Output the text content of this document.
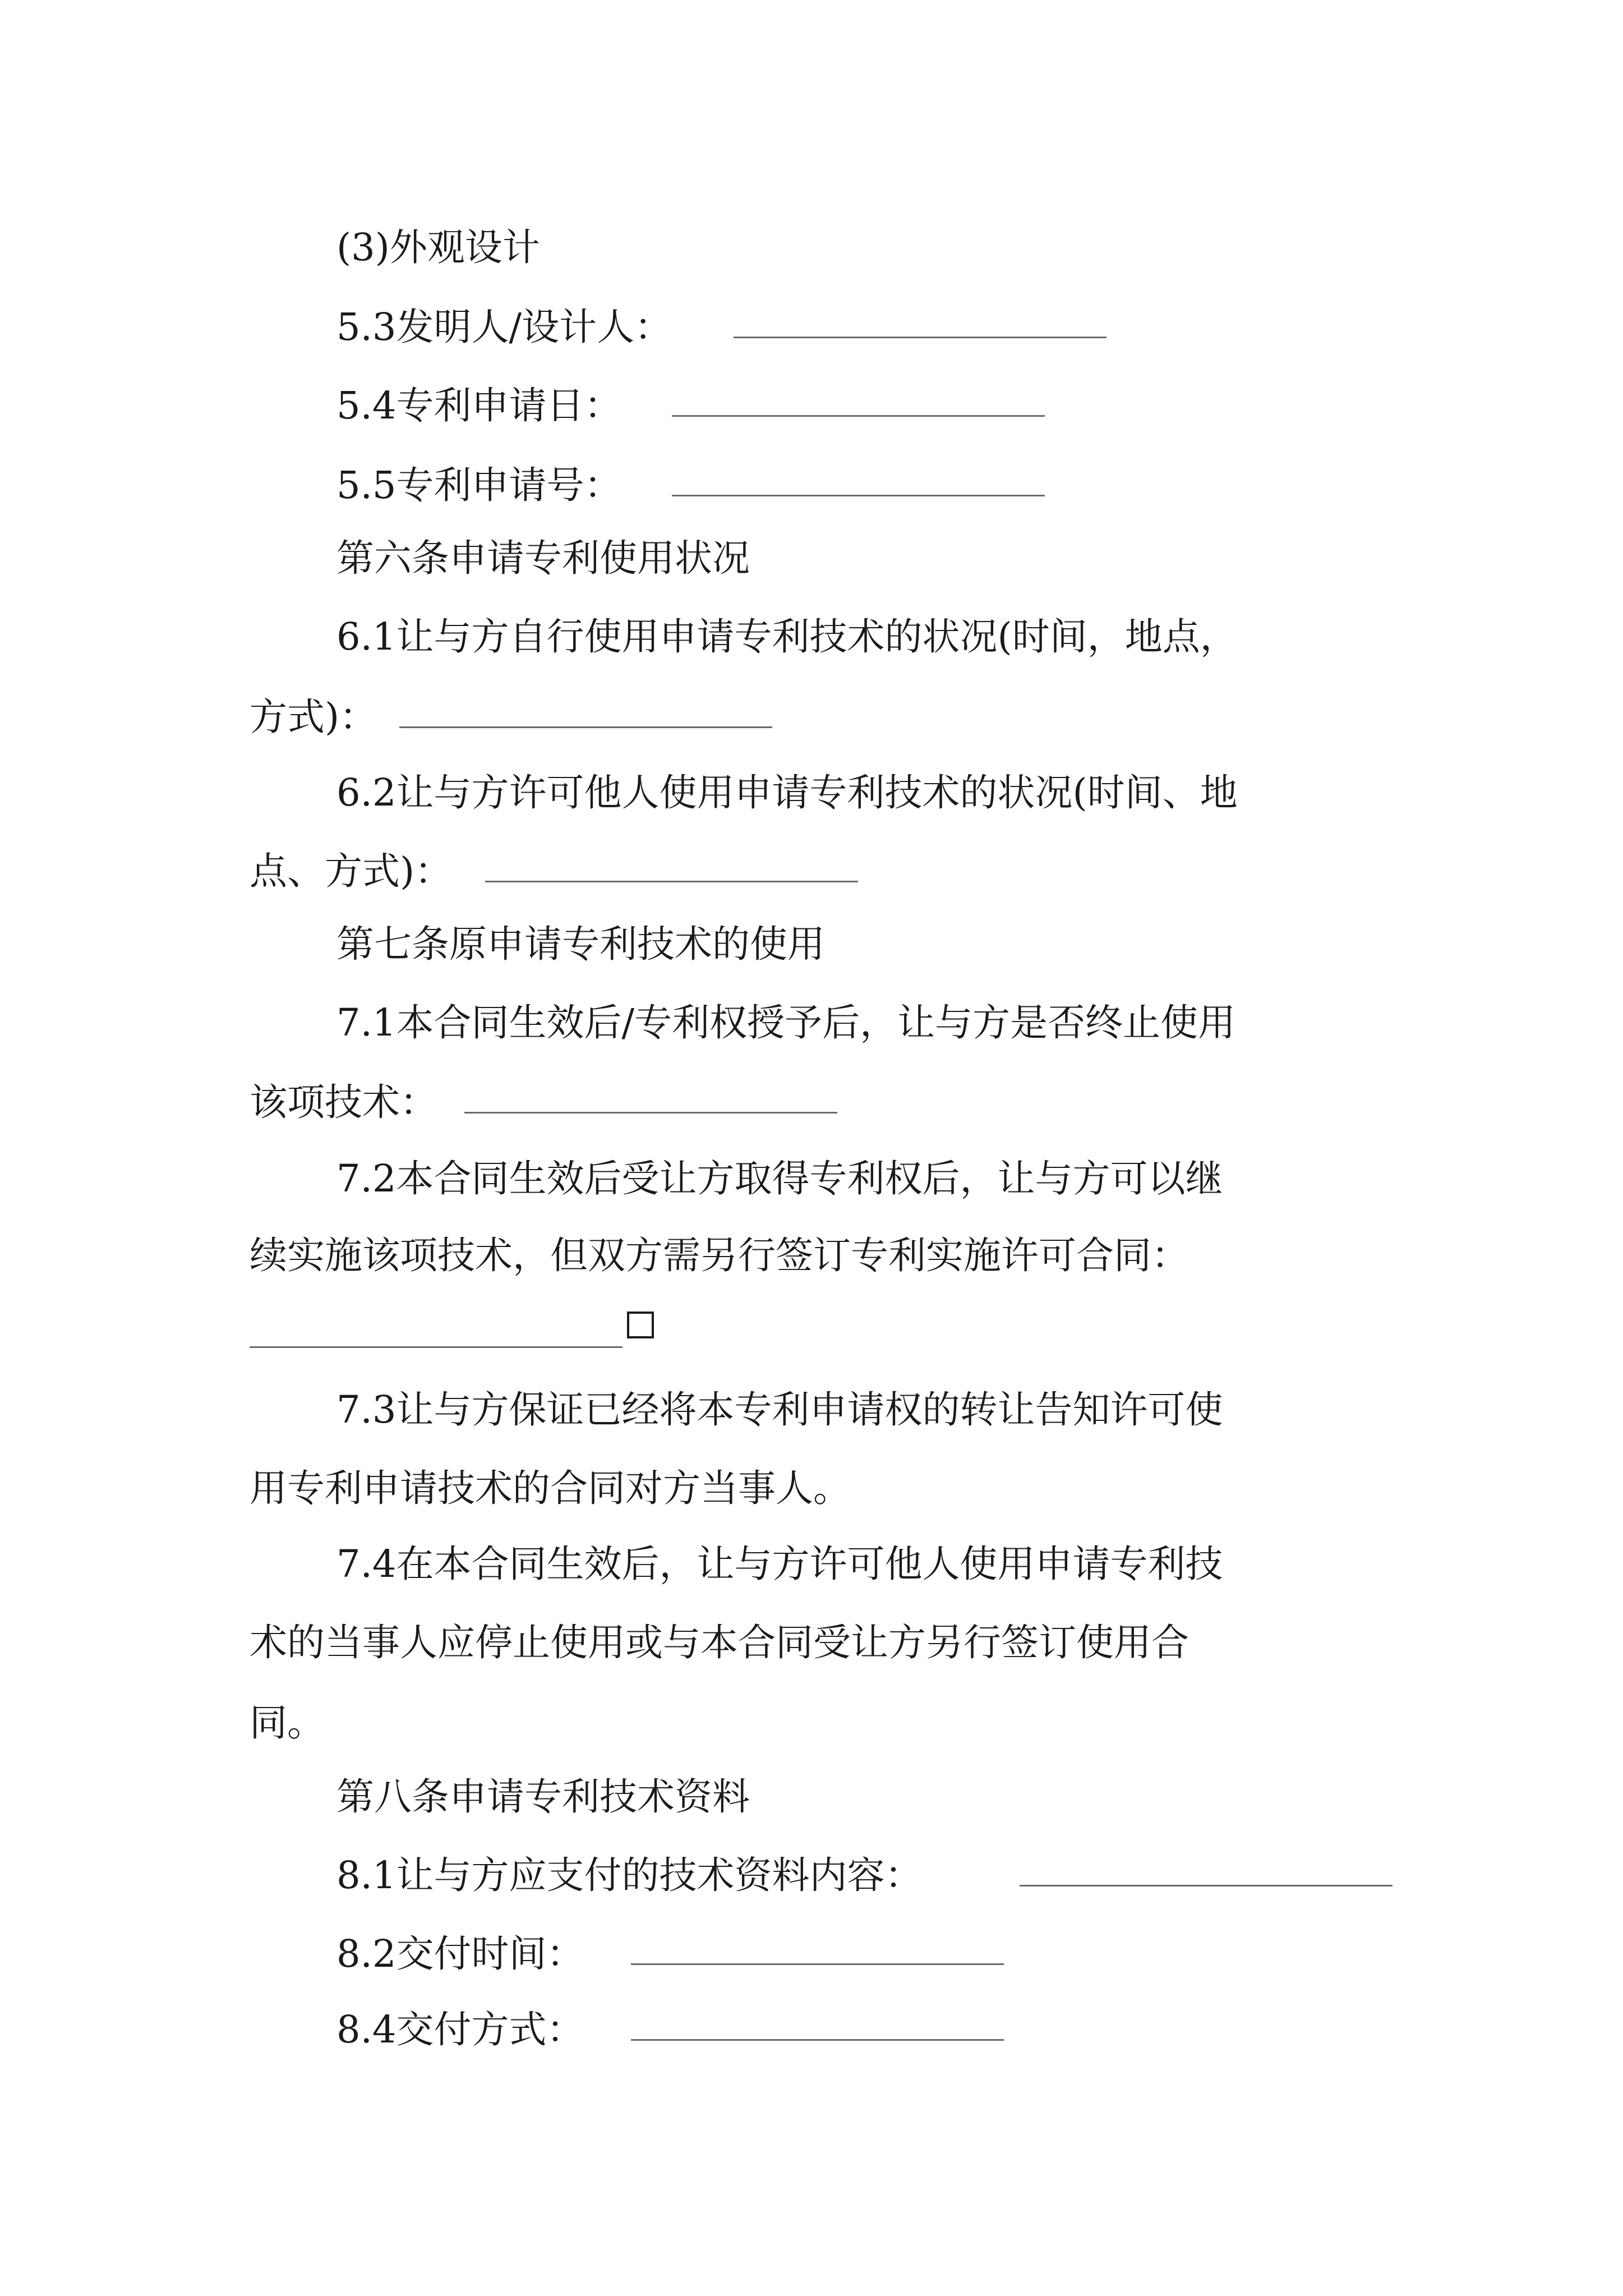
(3)外观设计
5.3发明人/设计人：
5.4专利申请日：
5.5专利申请号：
第六条申请专利使用状况
6.1让与方自行使用申请专利技术的状况(时间，地点，
方式)：
6.2让与方许可他人使用申请专利技术的状况(时间、地
点、方式)：
第七条原申请专利技术的使用
7.1本合同生效后/专利权授予后，让与方是否终止使用
该项技术：
7.2本合同生效后受让方取得专利权后，让与方可以继
续实施该项技术，但双方需另行签订专利实施许可合同：
7.3让与方保证已经将本专利申请权的转让告知许可使
用专利申请技术的合同对方当事人。
7.4在本合同生效后，让与方许可他人使用申请专利技
术的当事人应停止使用或与本合同受让方另行签订使用合
同。
第八条申请专利技术资料
8.1让与方应支付的技术资料内容：
8.2交付时间：
8.4交付方式：
